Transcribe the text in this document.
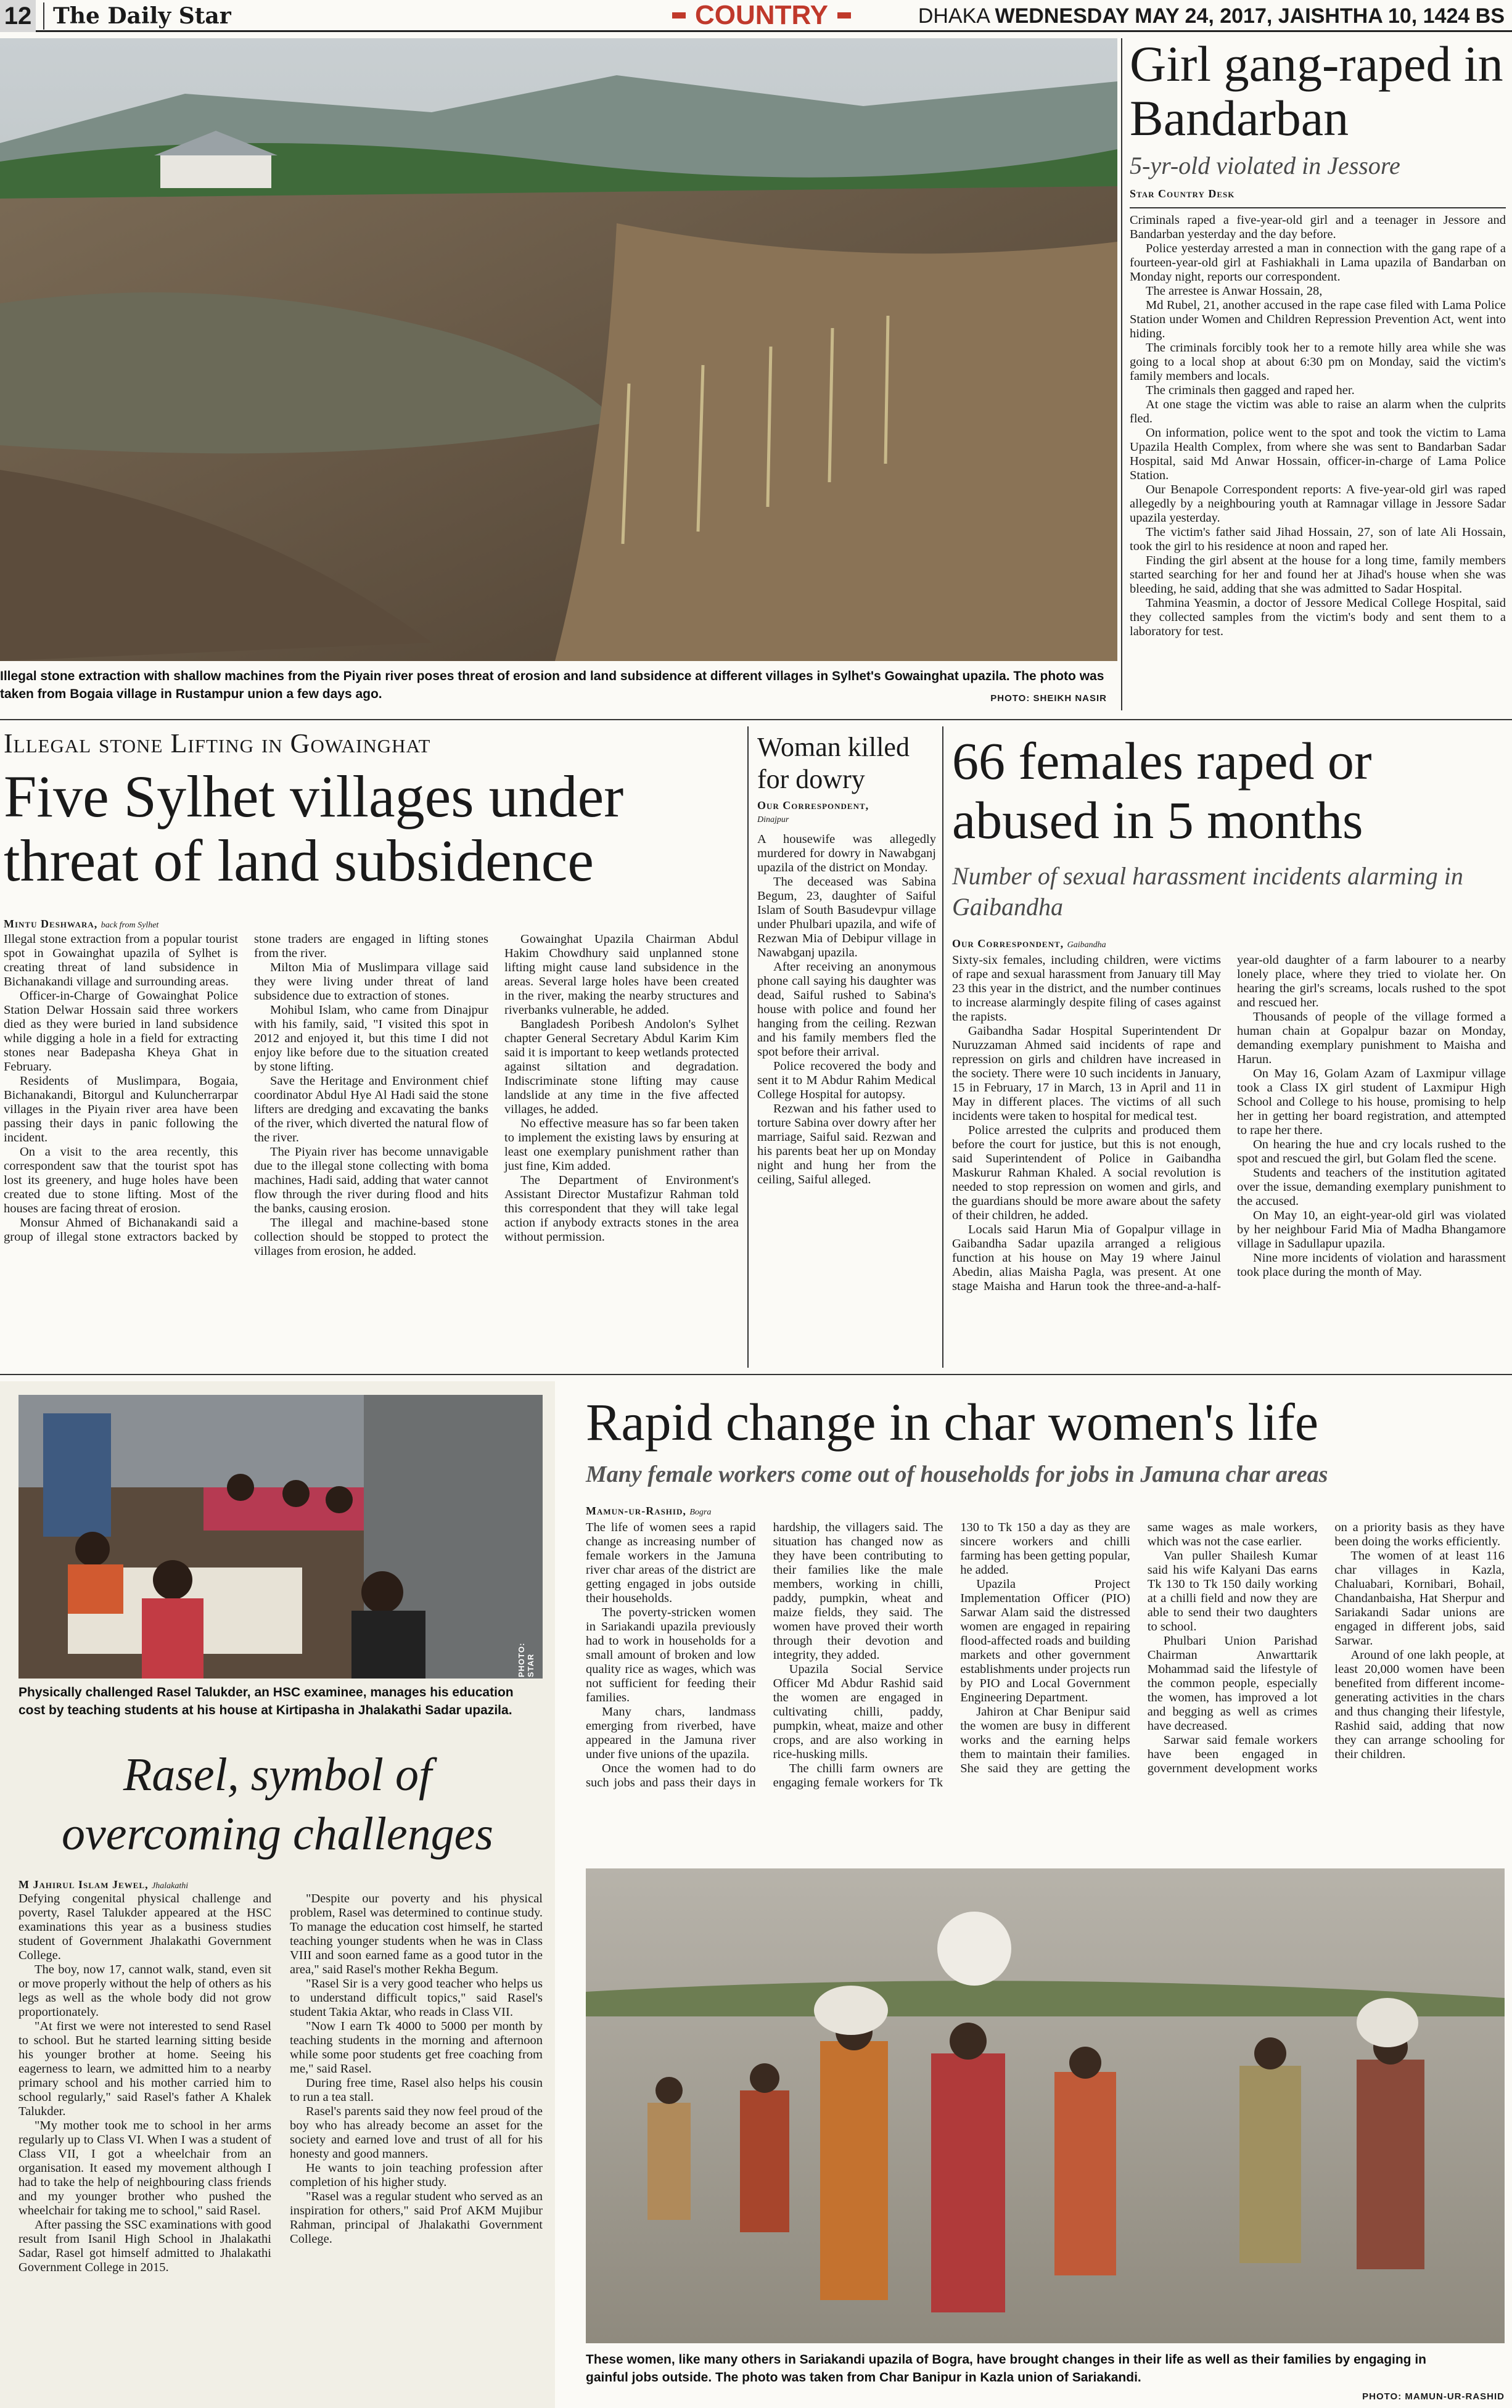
12 The Daily Star	COUNTRY	DHAKA WEDNESDAY MAY 24, 2017, JAISHTHA 10, 1424 BS
Illegal stone extraction with shallow machines from the Piyain river poses threat of erosion and land subsidence at different villages in Sylhet's Gowainghat upazila. The photo was taken from Bogaia village in Rustampur union a few days ago.	PHOTO: SHEIKH NASIR
Girl gang-raped in Bandarban
5-yr-old violated in Jessore
Star Country Desk

Criminals raped a five-year-old girl and a teenager in Jessore and Bandarban yesterday and the day before.

Police yesterday arrested a man in connection with the gang rape of a fourteen-year-old girl at Fashiakhali in Lama upazila of Bandarban on Monday night, reports our correspondent.

The arrestee is Anwar Hossain, 28,

Md Rubel, 21, another accused in the rape case filed with Lama Police Station under Women and Children Repression Prevention Act, went into hiding.

The criminals forcibly took her to a remote hilly area while she was going to a local shop at about 6:30 pm on Monday, said the victim's family members and locals.

The criminals then gagged and raped her.

At one stage the victim was able to raise an alarm when the culprits fled.

On information, police went to the spot and took the victim to Lama Upazila Health Complex, from where she was sent to Bandarban Sadar Hospital, said Md Anwar Hossain, officer-in-charge of Lama Police Station.

Our Benapole Correspondent reports: A five-year-old girl was raped allegedly by a neighbouring youth at Ramnagar village in Jessore Sadar upazila yesterday.

The victim's father said Jihad Hossain, 27, son of late Ali Hossain, took the girl to his residence at noon and raped her.

Finding the girl absent at the house for a long time, family members started searching for her and found her at Jihad's house when she was bleeding, he said, adding that she was admitted to Sadar Hospital.

Tahmina Yeasmin, a doctor of Jessore Medical College Hospital, said they collected samples from the victim's body and sent them to a laboratory for test.

Illegal stone Lifting in Gowainghat
Five Sylhet villages under threat of land subsidence
Mintu Deshwara, back from Sylhet

Illegal stone extraction from a popular tourist spot in Gowainghat upazila of Sylhet is creating threat of land subsidence in Bichanakandi village and surrounding areas.

Officer-in-Charge of Gowainghat Police Station Delwar Hossain said three workers died as they were buried in land subsidence while digging a hole in a field for extracting stones near Badepasha Kheya Ghat in February.

Residents of Muslimpara, Bogaia, Bichanakandi, Bitorgul and Kuluncherrarpar villages in the Piyain river area have been passing their days in panic following the incident.

On a visit to the area recently, this correspondent saw that the tourist spot has lost its greenery, and huge holes have been created due to stone lifting. Most of the houses are facing threat of erosion.

Monsur Ahmed of Bichanakandi said a group of illegal stone extractors backed by stone traders are engaged in lifting stones from the river.

Milton Mia of Muslimpara village said they were living under threat of land subsidence due to extraction of stones.

Mohibul Islam, who came from Dinajpur with his family, said, "I visited this spot in 2012 and enjoyed it, but this time I did not enjoy like before due to the situation created by stone lifting.

Save the Heritage and Environment chief coordinator Abdul Hye Al Hadi said the stone lifters are dredging and excavating the banks of the river, which diverted the natural flow of the river.

The Piyain river has become unnavigable due to the illegal stone collecting with boma machines, Hadi said, adding that water cannot flow through the river during flood and hits the banks, causing erosion.

The illegal and machine-based stone collection should be stopped to protect the villages from erosion, he added.

Gowainghat Upazila Chairman Abdul Hakim Chowdhury said unplanned stone lifting might cause land subsidence in the areas. Several large holes have been created in the river, making the nearby structures and riverbanks vulnerable, he added.

Bangladesh Poribesh Andolon's Sylhet chapter General Secretary Abdul Karim Kim said it is important to keep wetlands protected against siltation and degradation. Indiscriminate stone lifting may cause landslide at any time in the five affected villages, he added.

No effective measure has so far been taken to implement the existing laws by ensuring at least one exemplary punishment rather than just fine, Kim added.

The Department of Environment's Assistant Director Mustafizur Rahman told this correspondent that they will take legal action if anybody extracts stones in the area without permission.

Woman killed for dowry
Our Correspondent,
Dinajpur

A housewife was allegedly murdered for dowry in Nawabganj upazila of the district on Monday.

The deceased was Sabina Begum, 23, daughter of Saiful Islam of South Basudevpur village under Phulbari upazila, and wife of Rezwan Mia of Debipur village in Nawabganj upazila.

After receiving an anonymous phone call saying his daughter was dead, Saiful rushed to Sabina's house with police and found her hanging from the ceiling. Rezwan and his family members fled the spot before their arrival.

Police recovered the body and sent it to M Abdur Rahim Medical College Hospital for autopsy.

Rezwan and his father used to torture Sabina over dowry after her marriage, Saiful said. Rezwan and his parents beat her up on Monday night and hung her from the ceiling, Saiful alleged.

66 females raped or abused in 5 months
Number of sexual harassment incidents alarming in Gaibandha
Our Correspondent, Gaibandha

Sixty-six females, including children, were victims of rape and sexual harassment from January till May 23 this year in the district, and the number continues to increase alarmingly despite filing of cases against the rapists.

Gaibandha Sadar Hospital Superintendent Dr Nuruzzaman Ahmed said incidents of rape and repression on girls and children have increased in the society. There were 10 such incidents in January, 15 in February, 17 in March, 13 in April and 11 in May in different places. The victims of all such incidents were taken to hospital for medical test.

Police arrested the culprits and produced them before the court for justice, but this is not enough, said Superintendent of Police in Gaibandha Maskurur Rahman Khaled. A social revolution is needed to stop repression on women and girls, and the guardians should be more aware about the safety of their children, he added.

Locals said Harun Mia of Gopalpur village in Gaibandha Sadar upazila arranged a religious function at his house on May 19 where Jainul Abedin, alias Maisha Pagla, was present. At one stage Maisha and Harun took the three-and-a-half-year-old daughter of a farm labourer to a nearby lonely place, where they tried to violate her. On hearing the girl's screams, locals rushed to the spot and rescued her.

Thousands of people of the village formed a human chain at Gopalpur bazar on Monday, demanding exemplary punishment to Maisha and Harun.

On May 16, Golam Azam of Laxmipur village took a Class IX girl student of Laxmipur High School and College to his house, promising to help her in getting her board registration, and attempted to rape her there.

On hearing the hue and cry locals rushed to the spot and rescued the girl, but Golam fled the scene.

Students and teachers of the institution agitated over the issue, demanding exemplary punishment to the accused.

On May 10, an eight-year-old girl was violated by her neighbour Farid Mia of Madha Bhangamore village in Sadullapur upazila.

Nine more incidents of violation and harassment took place during the month of May.

PHOTO: STAR
Physically challenged Rasel Talukder, an HSC examinee, manages his education cost by teaching students at his house at Kirtipasha in Jhalakathi Sadar upazila.
Rasel, symbol of overcoming challenges
M Jahirul Islam Jewel, Jhalakathi

Defying congenital physical challenge and poverty, Rasel Talukder appeared at the HSC examinations this year as a business studies student of Government Jhalakathi Government College.

The boy, now 17, cannot walk, stand, even sit or move properly without the help of others as his legs as well as the whole body did not grow proportionately.

"At first we were not interested to send Rasel to school. But he started learning sitting beside his younger brother at home. Seeing his eagerness to learn, we admitted him to a nearby primary school and his mother carried him to school regularly," said Rasel's father A Khalek Talukder.

"My mother took me to school in her arms regularly up to Class VI. When I was a student of Class VII, I got a wheelchair from an organisation. It eased my movement although I had to take the help of neighbouring class friends and my younger brother who pushed the wheelchair for taking me to school," said Rasel.

After passing the SSC examinations with good result from Isanil High School in Jhalakathi Sadar, Rasel got himself admitted to Jhalakathi Government College in 2015.

"Despite our poverty and his physical problem, Rasel was determined to continue study. To manage the education cost himself, he started teaching younger students when he was in Class VIII and soon earned fame as a good tutor in the area," said Rasel's mother Rekha Begum.

"Rasel Sir is a very good teacher who helps us to understand difficult topics," said Rasel's student Takia Aktar, who reads in Class VII.

"Now I earn Tk 4000 to 5000 per month by teaching students in the morning and afternoon while some poor students get free coaching from me," said Rasel.

During free time, Rasel also helps his cousin to run a tea stall.

Rasel's parents said they now feel proud of the boy who has already become an asset for the society and earned love and trust of all for his honesty and good manners.

He wants to join teaching profession after completion of his higher study.

"Rasel was a regular student who served as an inspiration for others," said Prof AKM Mujibur Rahman, principal of Jhalakathi Government College.

Rapid change in char women's life
Many female workers come out of households for jobs in Jamuna char areas
Mamun-ur-Rashid, Bogra

The life of women sees a rapid change as increasing number of female workers in the Jamuna river char areas of the district are getting engaged in jobs outside their households.

The poverty-stricken women in Sariakandi upazila previously had to work in households for a small amount of broken and low quality rice as wages, which was not sufficient for feeding their families.

Many chars, landmass emerging from riverbed, have appeared in the Jamuna river under five unions of the upazila.

Once the women had to do such jobs and pass their days in hardship, the villagers said. The situation has changed now as they have been contributing to their families like the male members, working in chilli, paddy, pumpkin, wheat and maize fields, they said. The women have proved their worth through their devotion and integrity, they added.

Upazila Social Service Officer Md Abdur Rashid said the women are engaged in cultivating chilli, paddy, pumpkin, wheat, maize and other crops, and are also working in rice-husking mills.

The chilli farm owners are engaging female workers for Tk 130 to Tk 150 a day as they are sincere workers and chilli farming has been getting popular, he added.

Upazila Project Implementation Officer (PIO) Sarwar Alam said the distressed women are engaged in repairing flood-affected roads and building markets and other government establishments under projects run by PIO and Local Government Engineering Department.

Jahiron at Char Benipur said the women are busy in different works and the earning helps them to maintain their families. She said they are getting the same wages as male workers, which was not the case earlier.

Van puller Shailesh Kumar said his wife Kalyani Das earns Tk 130 to Tk 150 daily working at a chilli field and now they are able to send their two daughters to school.

Phulbari Union Parishad Chairman Anwarttarik Mohammad said the lifestyle of the common people, especially the women, has improved a lot and begging as well as crimes have decreased.

Sarwar said female workers have been engaged in government development works on a priority basis as they have been doing the works efficiently.

The women of at least 116 char villages in Kazla, Chaluabari, Kornibari, Bohail, Chandanbaisha, Hat Sherpur and Sariakandi Sadar unions are engaged in different jobs, said Sarwar.

Around of one lakh people, at least 20,000 women have been benefited from different income-generating activities in the chars and thus changing their lifestyle, Rashid said, adding that now they can arrange schooling for their children.

These women, like many others in Sariakandi upazila of Bogra, have brought changes in their life as well as their families by engaging in gainful jobs outside. The photo was taken from Char Banipur in Kazla union of Sariakandi.
PHOTO: MAMUN-UR-RASHID
